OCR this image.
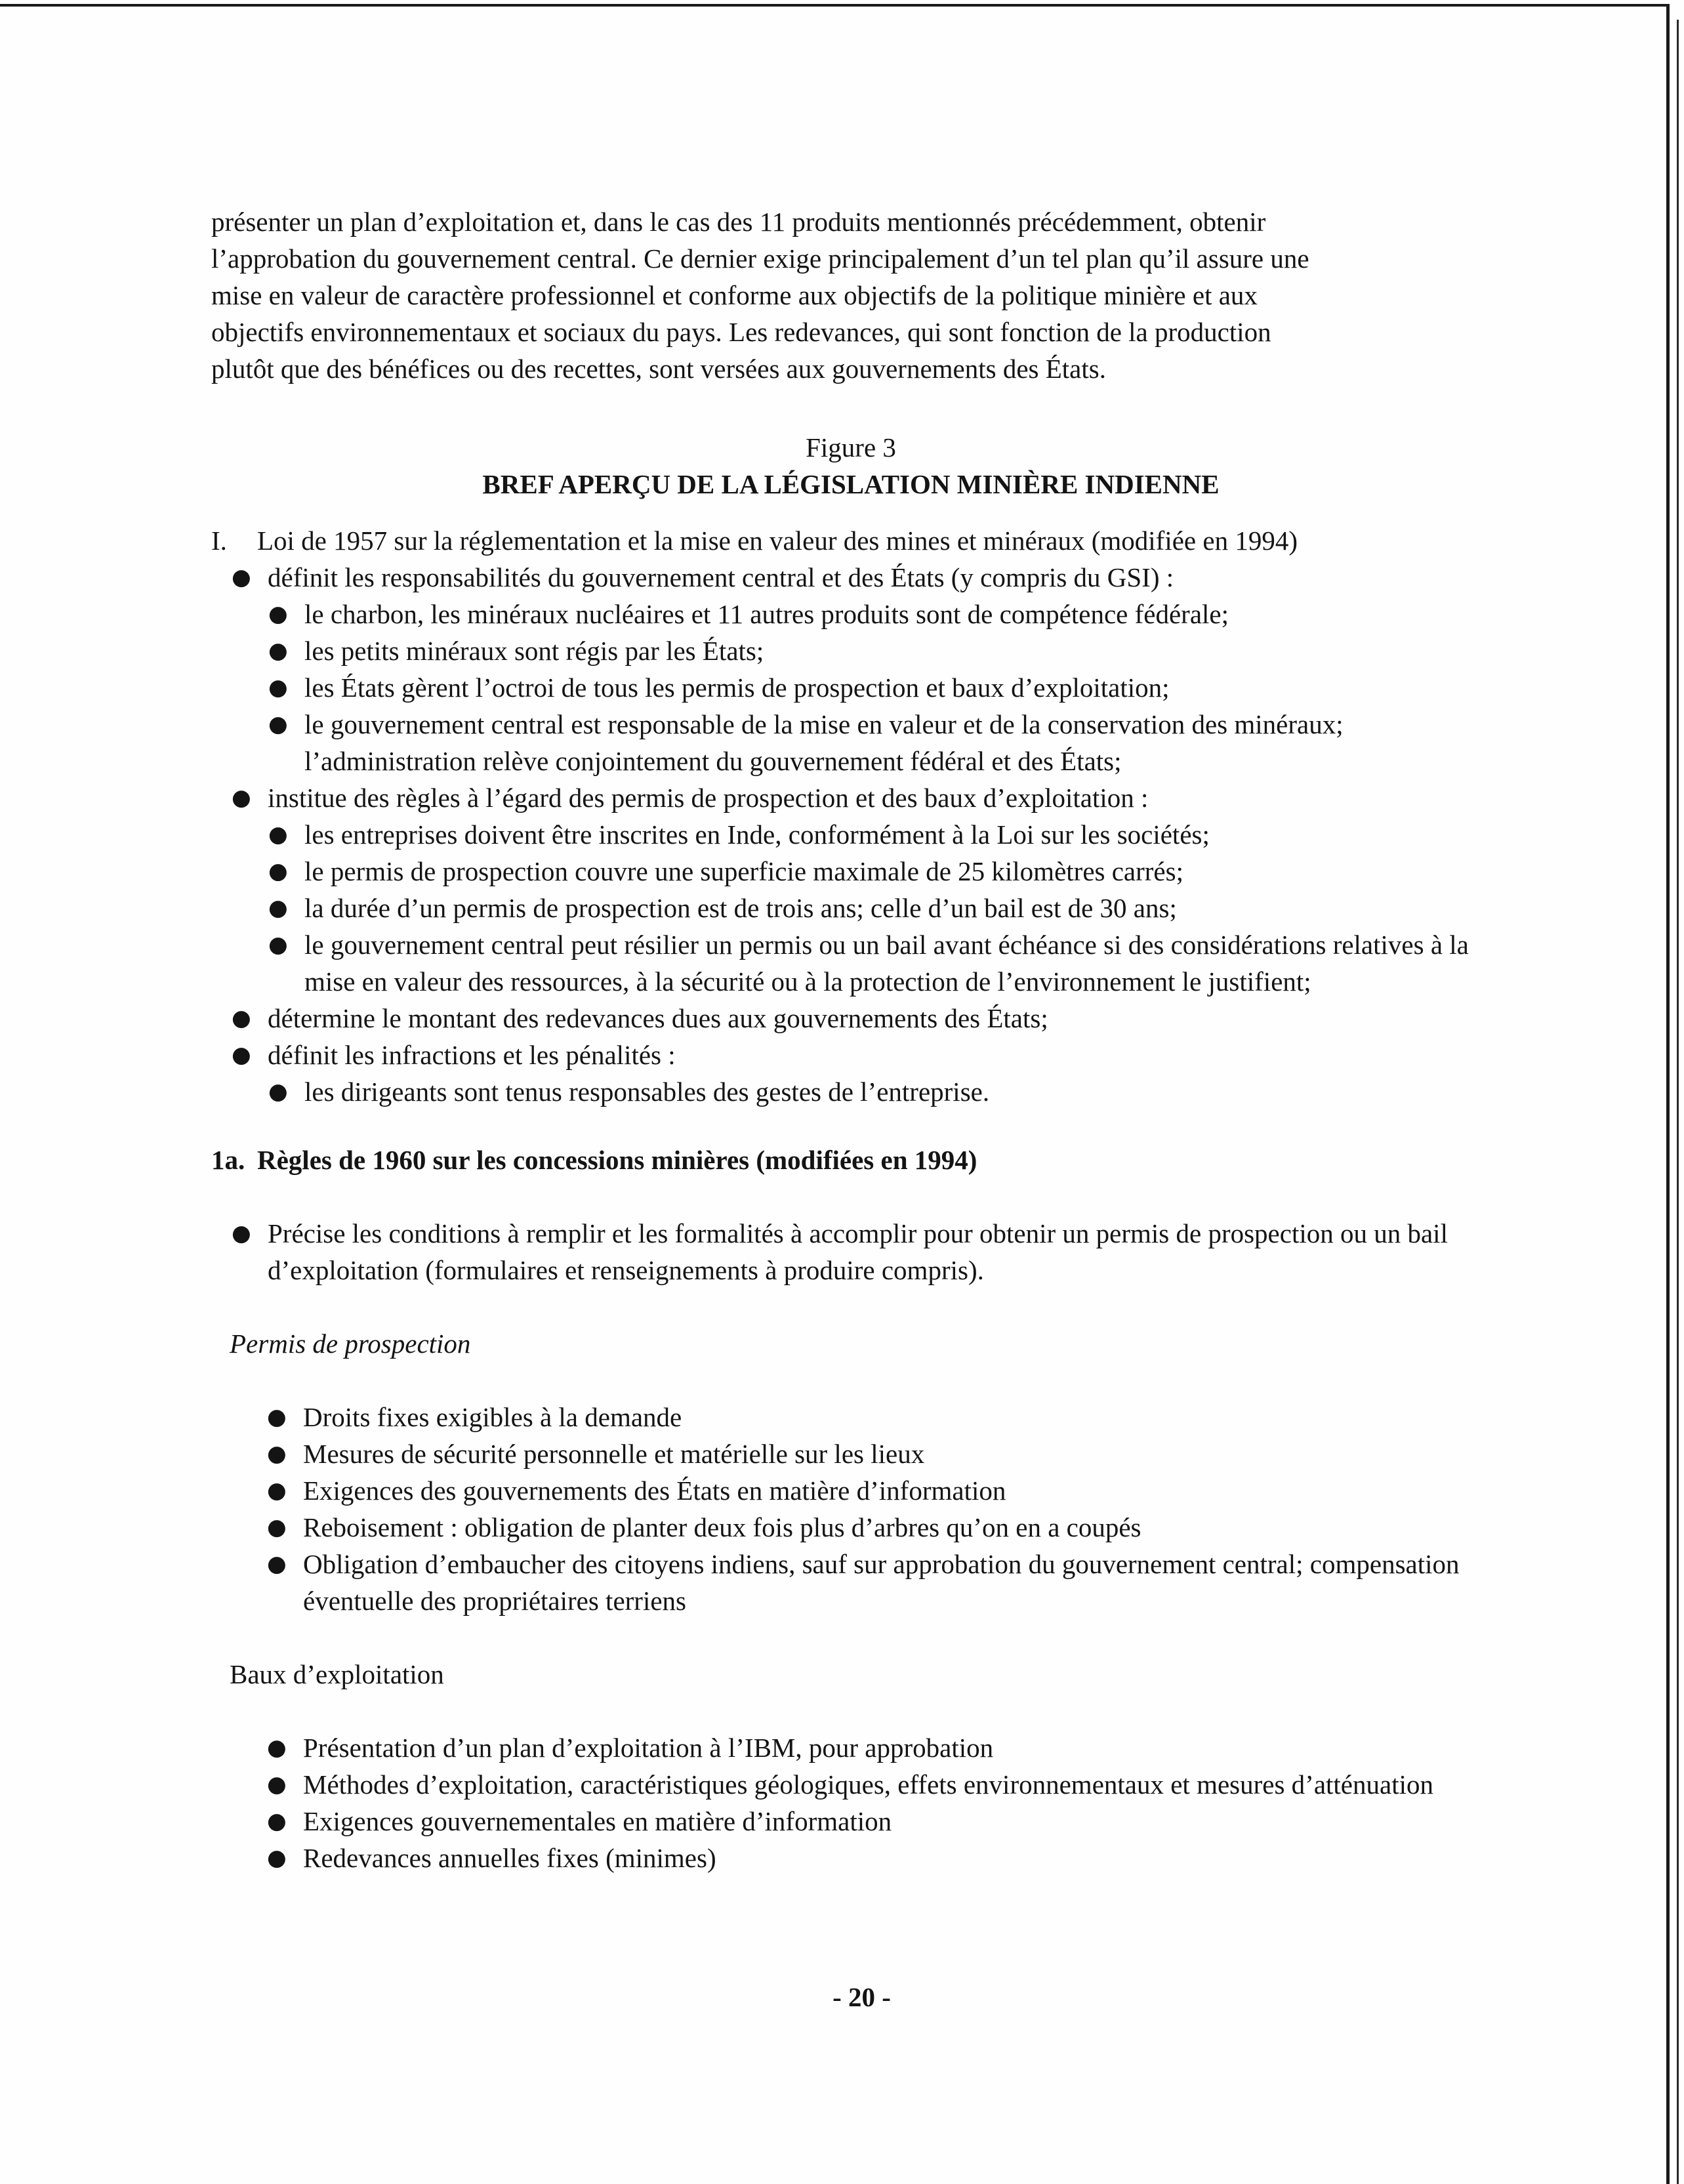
présenter un plan d’exploitation et, dans le cas des 11 produits mentionnés précédemment, obtenir

l’approbation du gouvernement central. Ce dernier exige principalement d’un tel plan qu’il assure une

mise en valeur de caractère professionnel et conforme aux objectifs de la politique minière et aux

objectifs environnementaux et sociaux du pays. Les redevances, qui sont fonction de la production

plutôt que des bénéfices ou des recettes, sont versées aux gouvernements des États.

Figure 3

BREF APERÇU DE LA LÉGISLATION MINIÈRE INDIENNE

I. Loi de 1957 sur la réglementation et la mise en valeur des mines et minéraux (modifiée en 1994)

● définit les responsabilités du gouvernement central et des États (y compris du GSI) :
● le charbon, les minéraux nucléaires et 11 autres produits sont de compétence fédérale;
● les petits minéraux sont régis par les États;
● les États gèrent l’octroi de tous les permis de prospection et baux d’exploitation;
● le gouvernement central est responsable de la mise en valeur et de la conservation des minéraux; l’administration relève conjointement du gouvernement fédéral et des États;
● institue des règles à l’égard des permis de prospection et des baux d’exploitation :
● les entreprises doivent être inscrites en Inde, conformément à la Loi sur les sociétés;
● le permis de prospection couvre une superficie maximale de 25 kilomètres carrés;
● la durée d’un permis de prospection est de trois ans; celle d’un bail est de 30 ans;
● le gouvernement central peut résilier un permis ou un bail avant échéance si des considérations relatives à la mise en valeur des ressources, à la sécurité ou à la protection de l’environnement le justifient;
● détermine le montant des redevances dues aux gouvernements des États;
● définit les infractions et les pénalités :
● les dirigeants sont tenus responsables des gestes de l’entreprise.

1a. Règles de 1960 sur les concessions minières (modifiées en 1994)

● Précise les conditions à remplir et les formalités à accomplir pour obtenir un permis de prospection ou un bail d’exploitation (formulaires et renseignements à produire compris).

Permis de prospection

● Droits fixes exigibles à la demande
● Mesures de sécurité personnelle et matérielle sur les lieux
● Exigences des gouvernements des États en matière d’information
● Reboisement : obligation de planter deux fois plus d’arbres qu’on en a coupés
● Obligation d’embaucher des citoyens indiens, sauf sur approbation du gouvernement central; compensation éventuelle des propriétaires terriens

Baux d’exploitation

● Présentation d’un plan d’exploitation à l’IBM, pour approbation
● Méthodes d’exploitation, caractéristiques géologiques, effets environnementaux et mesures d’atténuation
● Exigences gouvernementales en matière d’information
● Redevances annuelles fixes (minimes)
- 20 -
